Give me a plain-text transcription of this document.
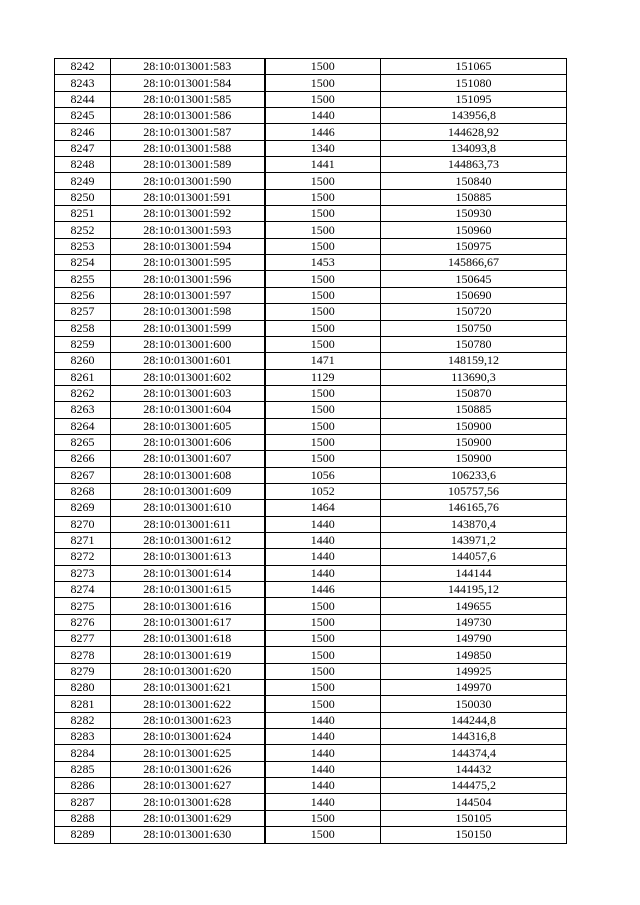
8242	28:10:013001:583	1500	151065
8243	28:10:013001:584	1500	151080
8244	28:10:013001:585	1500	151095
8245	28:10:013001:586	1440	143956,8
8246	28:10:013001:587	1446	144628,92
8247	28:10:013001:588	1340	134093,8
8248	28:10:013001:589	1441	144863,73
8249	28:10:013001:590	1500	150840
8250	28:10:013001:591	1500	150885
8251	28:10:013001:592	1500	150930
8252	28:10:013001:593	1500	150960
8253	28:10:013001:594	1500	150975
8254	28:10:013001:595	1453	145866,67
8255	28:10:013001:596	1500	150645
8256	28:10:013001:597	1500	150690
8257	28:10:013001:598	1500	150720
8258	28:10:013001:599	1500	150750
8259	28:10:013001:600	1500	150780
8260	28:10:013001:601	1471	148159,12
8261	28:10:013001:602	1129	113690,3
8262	28:10:013001:603	1500	150870
8263	28:10:013001:604	1500	150885
8264	28:10:013001:605	1500	150900
8265	28:10:013001:606	1500	150900
8266	28:10:013001:607	1500	150900
8267	28:10:013001:608	1056	106233,6
8268	28:10:013001:609	1052	105757,56
8269	28:10:013001:610	1464	146165,76
8270	28:10:013001:611	1440	143870,4
8271	28:10:013001:612	1440	143971,2
8272	28:10:013001:613	1440	144057,6
8273	28:10:013001:614	1440	144144
8274	28:10:013001:615	1446	144195,12
8275	28:10:013001:616	1500	149655
8276	28:10:013001:617	1500	149730
8277	28:10:013001:618	1500	149790
8278	28:10:013001:619	1500	149850
8279	28:10:013001:620	1500	149925
8280	28:10:013001:621	1500	149970
8281	28:10:013001:622	1500	150030
8282	28:10:013001:623	1440	144244,8
8283	28:10:013001:624	1440	144316,8
8284	28:10:013001:625	1440	144374,4
8285	28:10:013001:626	1440	144432
8286	28:10:013001:627	1440	144475,2
8287	28:10:013001:628	1440	144504
8288	28:10:013001:629	1500	150105
8289	28:10:013001:630	1500	150150
